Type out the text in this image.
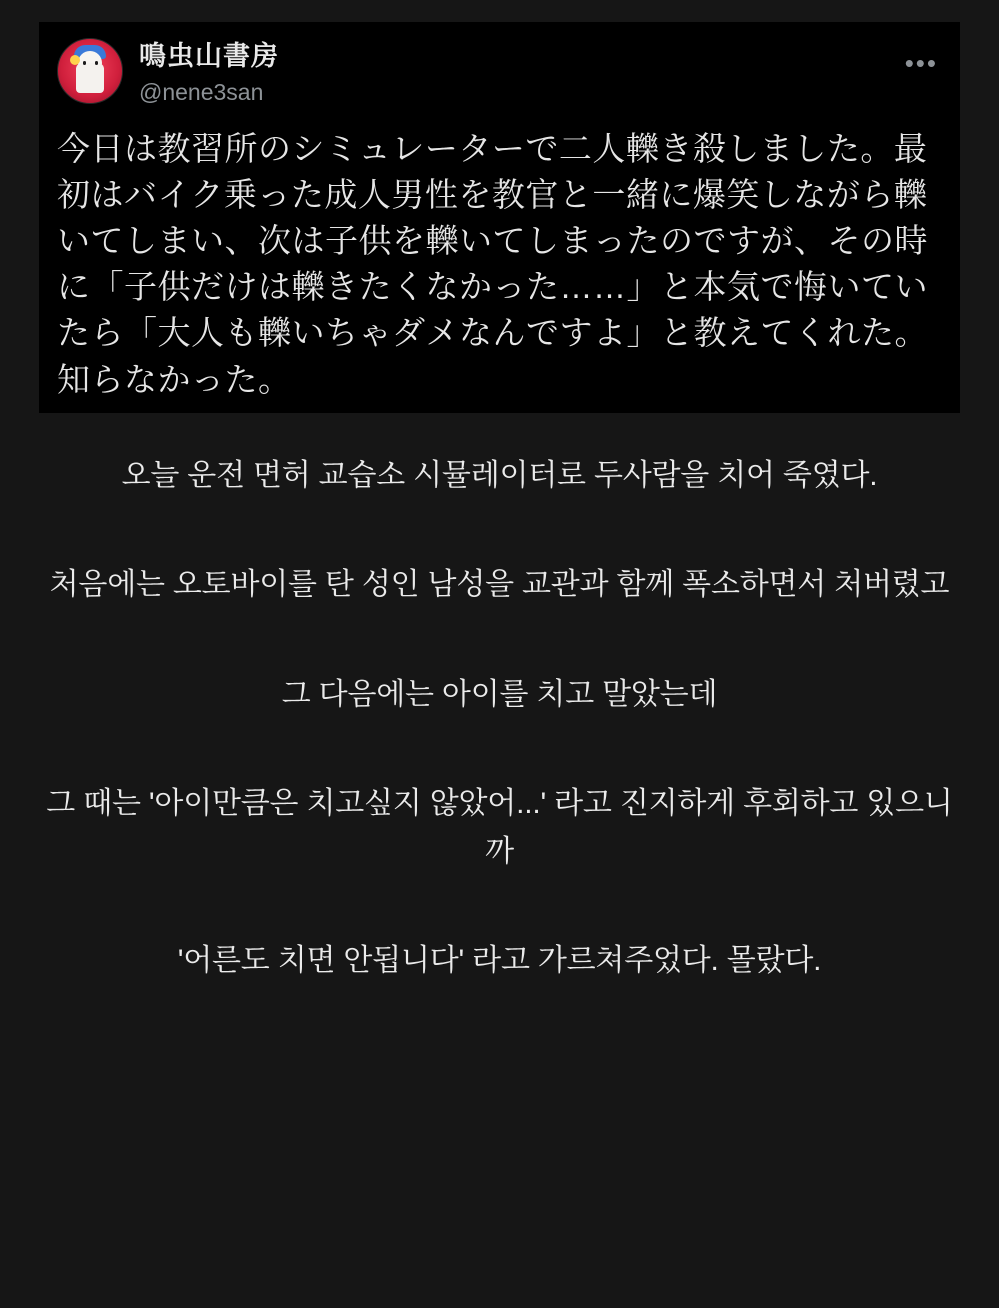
鳴虫山書房
@nene3san
•••
今日は教習所のシミュレーターで二人轢き殺しました。最初はバイク乗った成人男性を教官と一緒に爆笑しながら轢いてしまい、次は子供を轢いてしまったのですが、その時に「子供だけは轢きたくなかった……」と本気で悔いていたら「大人も轢いちゃダメなんですよ」と教えてくれた。知らなかった。

오늘 운전 면허 교습소 시뮬레이터로 두사람을 치어 죽였다.

처음에는 오토바이를 탄 성인 남성을 교관과 함께 폭소하면서 처버렸고

그 다음에는 아이를 치고 말았는데

그 때는 '아이만큼은 치고싶지 않았어...' 라고 진지하게 후회하고 있으니까

'어른도 치면 안됩니다' 라고 가르쳐주었다. 몰랐다.
